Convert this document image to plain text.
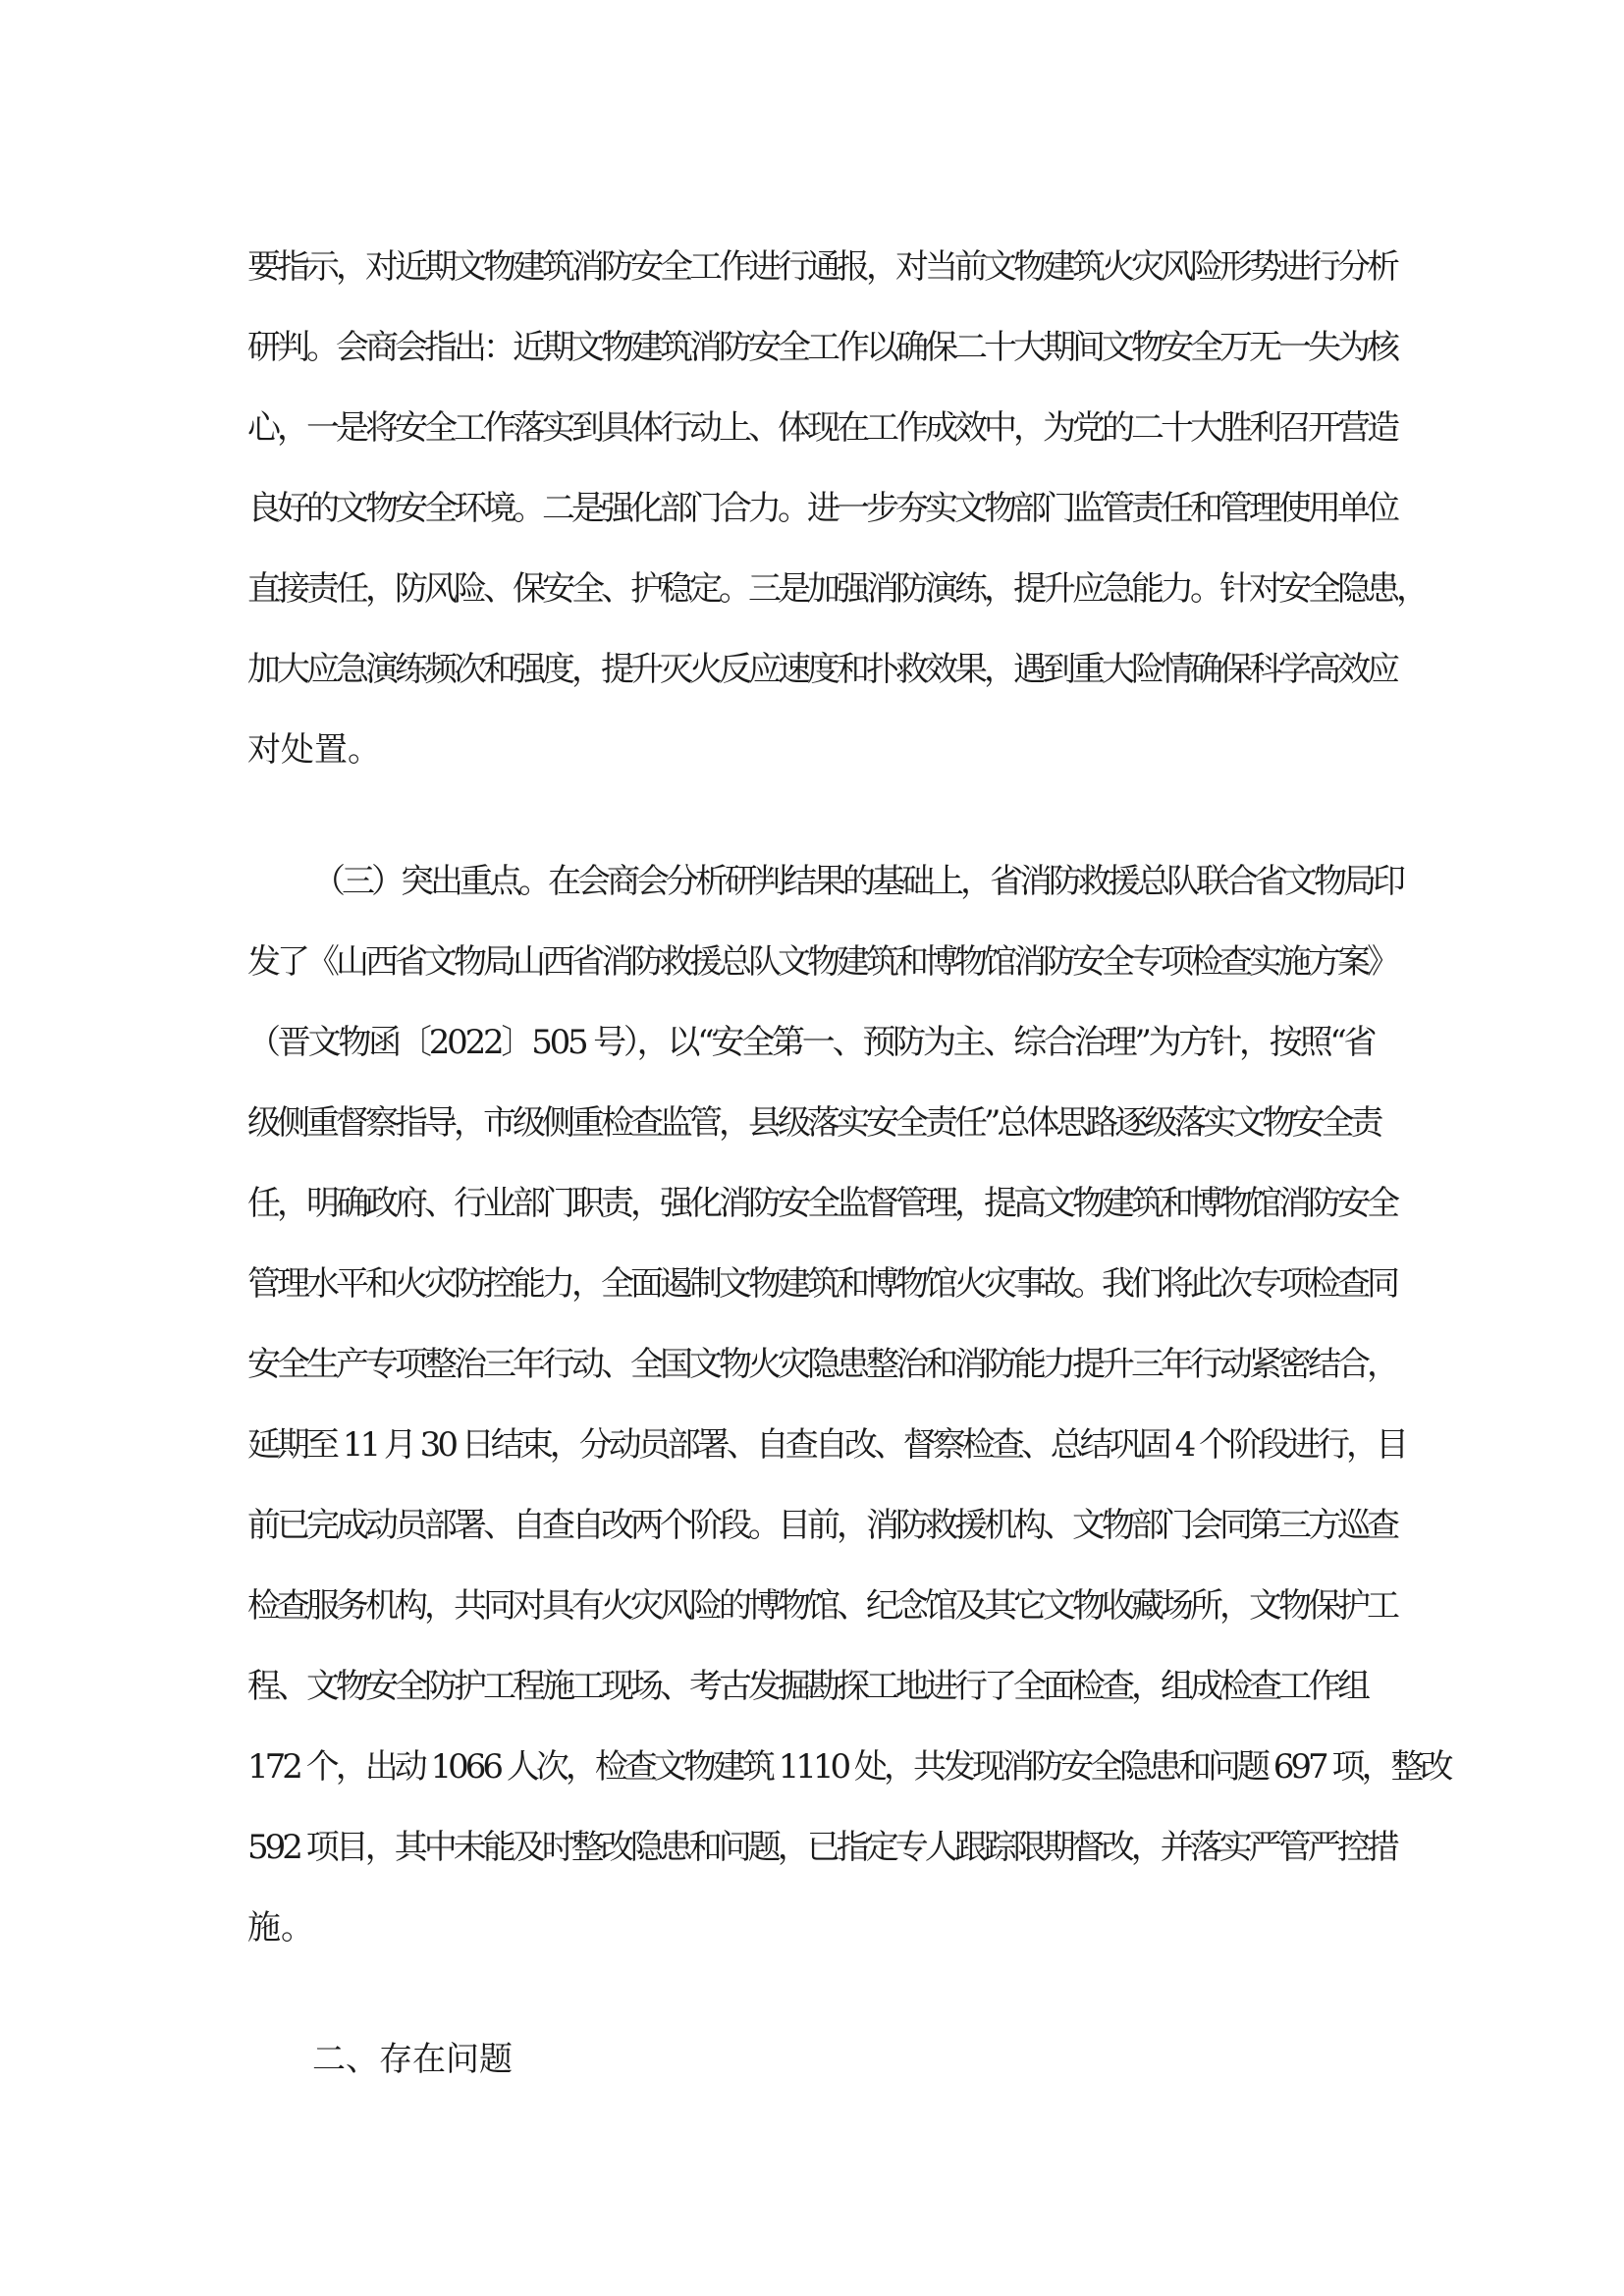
要指示，对近期文物建筑消防安全工作进行通报，对当前文物建筑火灾风险形势进行分析

研判。会商会指出：近期文物建筑消防安全工作以确保二十大期间文物安全万无一失为核

心，一是将安全工作落实到具体行动上、体现在工作成效中，为党的二十大胜利召开营造

良好的文物安全环境。二是强化部门合力。进一步夯实文物部门监管责任和管理使用单位

直接责任，防风险、保安全、护稳定。三是加强消防演练，提升应急能力。针对安全隐患，

加大应急演练频次和强度，提升灭火反应速度和扑救效果，遇到重大险情确保科学高效应

对处置。

（三）突出重点。在会商会分析研判结果的基础上，省消防救援总队联合省文物局印

发了《山西省文物局山西省消防救援总队文物建筑和博物馆消防安全专项检查实施方案》

（晋文物函〔2022〕505 号），以“安全第一、预防为主、综合治理”为方针，按照“省

级侧重督察指导，市级侧重检查监管，县级落实安全责任”总体思路逐级落实文物安全责

任，明确政府、行业部门职责，强化消防安全监督管理，提高文物建筑和博物馆消防安全

管理水平和火灾防控能力，全面遏制文物建筑和博物馆火灾事故。我们将此次专项检查同

安全生产专项整治三年行动、全国文物火灾隐患整治和消防能力提升三年行动紧密结合，

延期至 11 月 30 日结束，分动员部署、自查自改、督察检查、总结巩固 4 个阶段进行，目

前已完成动员部署、自查自改两个阶段。目前，消防救援机构、文物部门会同第三方巡查

检查服务机构，共同对具有火灾风险的博物馆、纪念馆及其它文物收藏场所，文物保护工

程、文物安全防护工程施工现场、考古发掘勘探工地进行了全面检查，组成检查工作组

172 个，出动 1066 人次，检查文物建筑 1110 处，共发现消防安全隐患和问题 697 项，整改

592 项目，其中未能及时整改隐患和问题，已指定专人跟踪限期督改，并落实严管严控措

施。

二、存在问题
